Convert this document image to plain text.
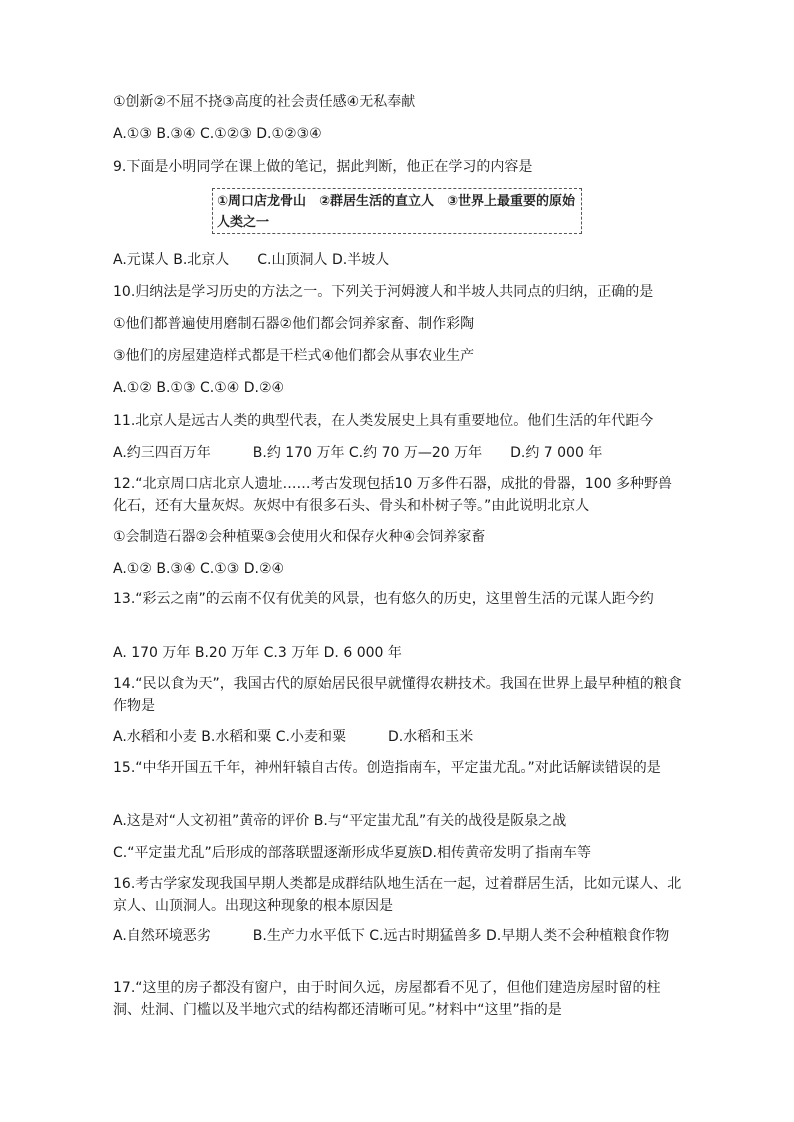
①创新②不屈不挠③高度的社会责任感④无私奉献
A.①③ B.③④ C.①②③ D.①②③④
9.下面是小明同学在课上做的笔记，据此判断，他正在学习的内容是
①周口店龙骨山　②群居生活的直立人　③世界上最重要的原始人类之一
A.元谋人 B.北京人　　C.山顶洞人 D.半坡人
10.归纳法是学习历史的方法之一。下列关于河姆渡人和半坡人共同点的归纳，正确的是
①他们都普遍使用磨制石器②他们都会饲养家畜、制作彩陶
③他们的房屋建造样式都是干栏式④他们都会从事农业生产
A.①② B.①③ C.①④ D.②④
11.北京人是远古人类的典型代表，在人类发展史上具有重要地位。他们生活的年代距今
A.约三四百万年　　　B.约 170 万年 C.约 70 万—20 万年　　D.约 7 000 年
12.“北京周口店北京人遗址……考古发现包括10 万多件石器，成批的骨器，100 多种野兽化石，还有大量灰烬。灰烬中有很多石头、骨头和朴树子等。”由此说明北京人
①会制造石器②会种植粟③会使用火和保存火种④会饲养家畜
A.①② B.③④ C.①③ D.②④
13.“彩云之南”的云南不仅有优美的风景，也有悠久的历史，这里曾生活的元谋人距今约
A. 170 万年 B.20 万年 C.3 万年 D. 6 000 年
14.“民以食为天”，我国古代的原始居民很早就懂得农耕技术。我国在世界上最早种植的粮食作物是
A.水稻和小麦 B.水稻和粟 C.小麦和粟　　　D.水稻和玉米
15.“中华开国五千年，神州轩辕自古传。创造指南车，平定蚩尤乱。”对此话解读错误的是
A.这是对“人文初祖”黄帝的评价 B.与“平定蚩尤乱”有关的战役是阪泉之战
C.“平定蚩尤乱”后形成的部落联盟逐渐形成华夏族D.相传黄帝发明了指南车等
16.考古学家发现我国早期人类都是成群结队地生活在一起，过着群居生活，比如元谋人、北京人、山顶洞人。出现这种现象的根本原因是
A.自然环境恶劣　　　B.生产力水平低下 C.远古时期猛兽多 D.早期人类不会种植粮食作物
17.“这里的房子都没有窗户，由于时间久远，房屋都看不见了，但他们建造房屋时留的柱洞、灶洞、门槛以及半地穴式的结构都还清晰可见。”材料中“这里”指的是
